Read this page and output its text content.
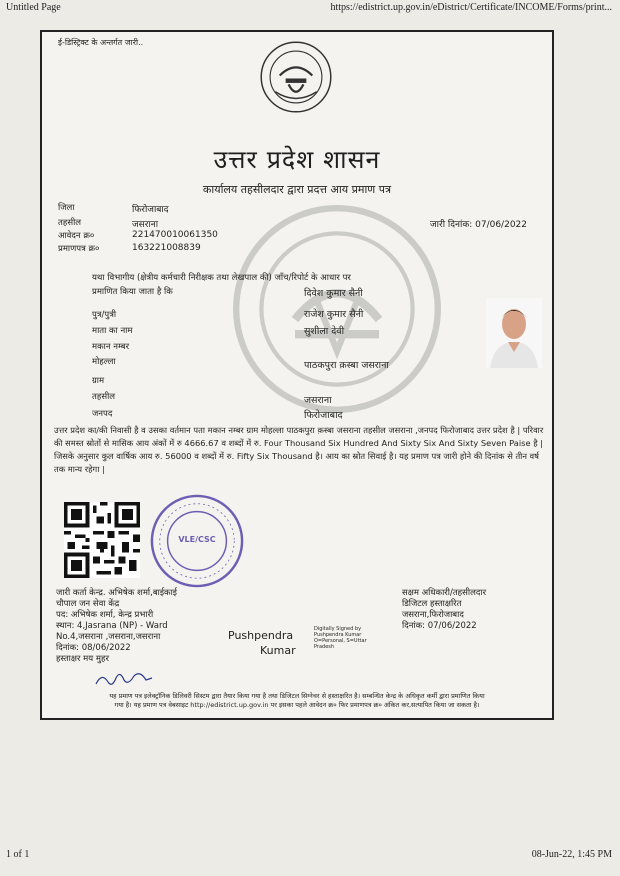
Untitled Page	https://edistrict.up.gov.in/eDistrict/Certificate/INCOME/Forms/print...
ई-डिस्ट्रिक्ट के अन्तर्गत जारी..
उत्तर प्रदेश शासन
कार्यालय तहसीलदार द्वारा प्रदत्त आय प्रमाण पत्र
जिला	फिरोजाबाद
तहसील	जसराना
आवेदन क्र०	221470010061350
प्रमाणपत्र क्र०	163221008839
जारी दिनांक: 07/06/2022
यथा विभागीय (क्षेत्रीय कर्मचारी निरीक्षक तथा लेखपाल की) जाँच/रिपोर्ट के आधार पर
प्रमाणित किया जाता है कि	दिवेश कुमार सैनी
पुत्र/पुत्री	राजेश कुमार सैनी
माता का नाम	सुशीला देवी
मकान नम्बर
मोहल्ला	पाठकपुरा क़स्बा जसराना
ग्राम
तहसील	जसराना
जनपद	फिरोजाबाद
उत्तर प्रदेश का/की निवासी है व उसका वर्तमान पता मकान नम्बर ग्राम मोहल्ला पाठकपुरा क़स्बा जसराना तहसील जसराना ,जनपद फिरोजाबाद उत्तर प्रदेश है | परिवार की समस्त स्रोतों से मासिक आय अंकों में रु 4666.67 व शब्दों में रु. Four Thousand Six Hundred And Sixty Six And Sixty Seven Paise है | जिसके अनुसार कुल वार्षिक आय रु. 56000 व शब्दों में रु. Fifty Six Thousand है। आय का स्रोत सिवाई है। यह प्रमाण पत्र जारी होने की दिनांक से तीन वर्ष तक मान्य रहेगा |
VLE/CSC
जारी कर्ता केन्द्र. अभिषेक शर्मा,बाईकाई
चौपाल जन सेवा केंद्र
पद: अभिषेक शर्मा, केन्द्र प्रभारी
स्थान: 4,Jasrana (NP) - Ward
No.4,जसराना ,जसराना,जसराना
दिनांक: 08/06/2022
हस्ताक्षर मय मुहर
Pushpendra
Kumar
Digitally Signed by
Pushpendra Kumar
O=Personal, S=Uttar
Pradesh
सक्षम अधिकारी/तहसीलदार
डिजिटल हस्ताक्षरित
जसराना,फिरोजाबाद
दिनांक: 07/06/2022
यह प्रमाण पत्र इलेक्ट्रॉनिक डिलिवरी सिस्टम द्वारा तैयार किया गया है तथा डिजिटल सिग्नेचर से हस्ताक्षरित है। सम्बन्धित केन्द्र के अधिकृत कर्मी द्वारा प्रमाणित किया
गया है। यह प्रमाण पत्र वेबसाइट http://edistrict.up.gov.in पर इसका पहले आवेदन क्र० फिर प्रमाणपत्र क्र० अंकित कर,सत्यापित किया जा सकता है।
1 of 1	08-Jun-22, 1:45 PM
